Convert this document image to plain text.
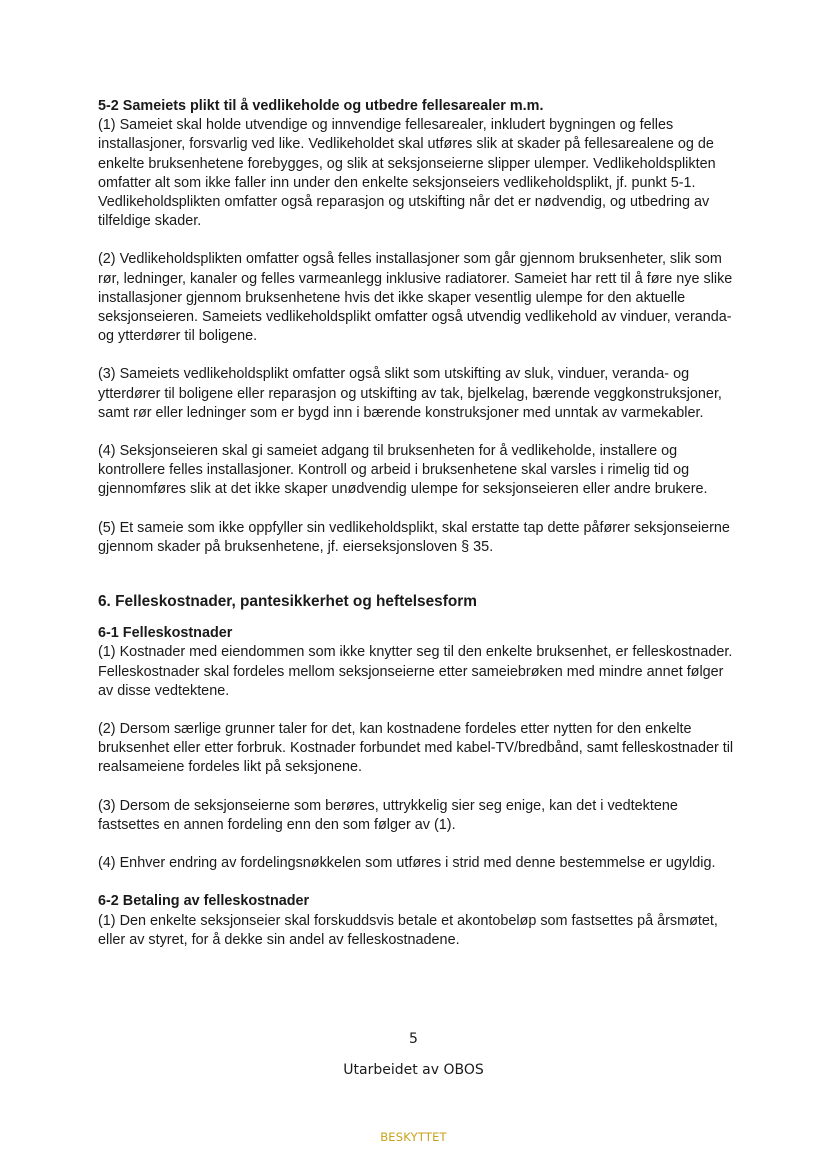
5-2 Sameiets plikt til å vedlikeholde og utbedre fellesarealer m.m.

(1) Sameiet skal holde utvendige og innvendige fellesarealer, inkludert bygningen og felles installasjoner, forsvarlig ved like. Vedlikeholdet skal utføres slik at skader på fellesarealene og de enkelte bruksenhetene forebygges, og slik at seksjonseierne slipper ulemper. Vedlikeholdsplikten omfatter alt som ikke faller inn under den enkelte seksjonseiers vedlikeholdsplikt, jf. punkt 5-1. Vedlikeholdsplikten omfatter også reparasjon og utskifting når det er nødvendig, og utbedring av tilfeldige skader.

(2) Vedlikeholdsplikten omfatter også felles installasjoner som går gjennom bruksenheter, slik som rør, ledninger, kanaler og felles varmeanlegg inklusive radiatorer. Sameiet har rett til å føre nye slike installasjoner gjennom bruksenhetene hvis det ikke skaper vesentlig ulempe for den aktuelle seksjonseieren. Sameiets vedlikeholdsplikt omfatter også utvendig vedlikehold av vinduer, veranda- og ytterdører til boligene.

(3) Sameiets vedlikeholdsplikt omfatter også slikt som utskifting av sluk, vinduer, veranda- og ytterdører til boligene eller reparasjon og utskifting av tak, bjelkelag, bærende veggkonstruksjoner, samt rør eller ledninger som er bygd inn i bærende konstruksjoner med unntak av varmekabler.

(4) Seksjonseieren skal gi sameiet adgang til bruksenheten for å vedlikeholde, installere og kontrollere felles installasjoner. Kontroll og arbeid i bruksenhetene skal varsles i rimelig tid og gjennomføres slik at det ikke skaper unødvendig ulempe for seksjonseieren eller andre brukere.

(5) Et sameie som ikke oppfyller sin vedlikeholdsplikt, skal erstatte tap dette påfører seksjonseierne gjennom skader på bruksenhetene, jf. eierseksjonsloven § 35.

6. Felleskostnader, pantesikkerhet og heftelsesform

6-1 Felleskostnader

(1) Kostnader med eiendommen som ikke knytter seg til den enkelte bruksenhet, er felleskostnader. Felleskostnader skal fordeles mellom seksjonseierne etter sameiebrøken med mindre annet følger av disse vedtektene.

(2) Dersom særlige grunner taler for det, kan kostnadene fordeles etter nytten for den enkelte bruksenhet eller etter forbruk. Kostnader forbundet med kabel-TV/bredbånd, samt felleskostnader til realsameiene fordeles likt på seksjonene.

(3) Dersom de seksjonseierne som berøres, uttrykkelig sier seg enige, kan det i vedtektene fastsettes en annen fordeling enn den som følger av (1).

(4) Enhver endring av fordelingsnøkkelen som utføres i strid med denne bestemmelse er ugyldig.

6-2 Betaling av felleskostnader

(1) Den enkelte seksjonseier skal forskuddsvis betale et akontobeløp som fastsettes på årsmøtet, eller av styret, for å dekke sin andel av felleskostnadene.

5
Utarbeidet av OBOS
BESKYTTET
